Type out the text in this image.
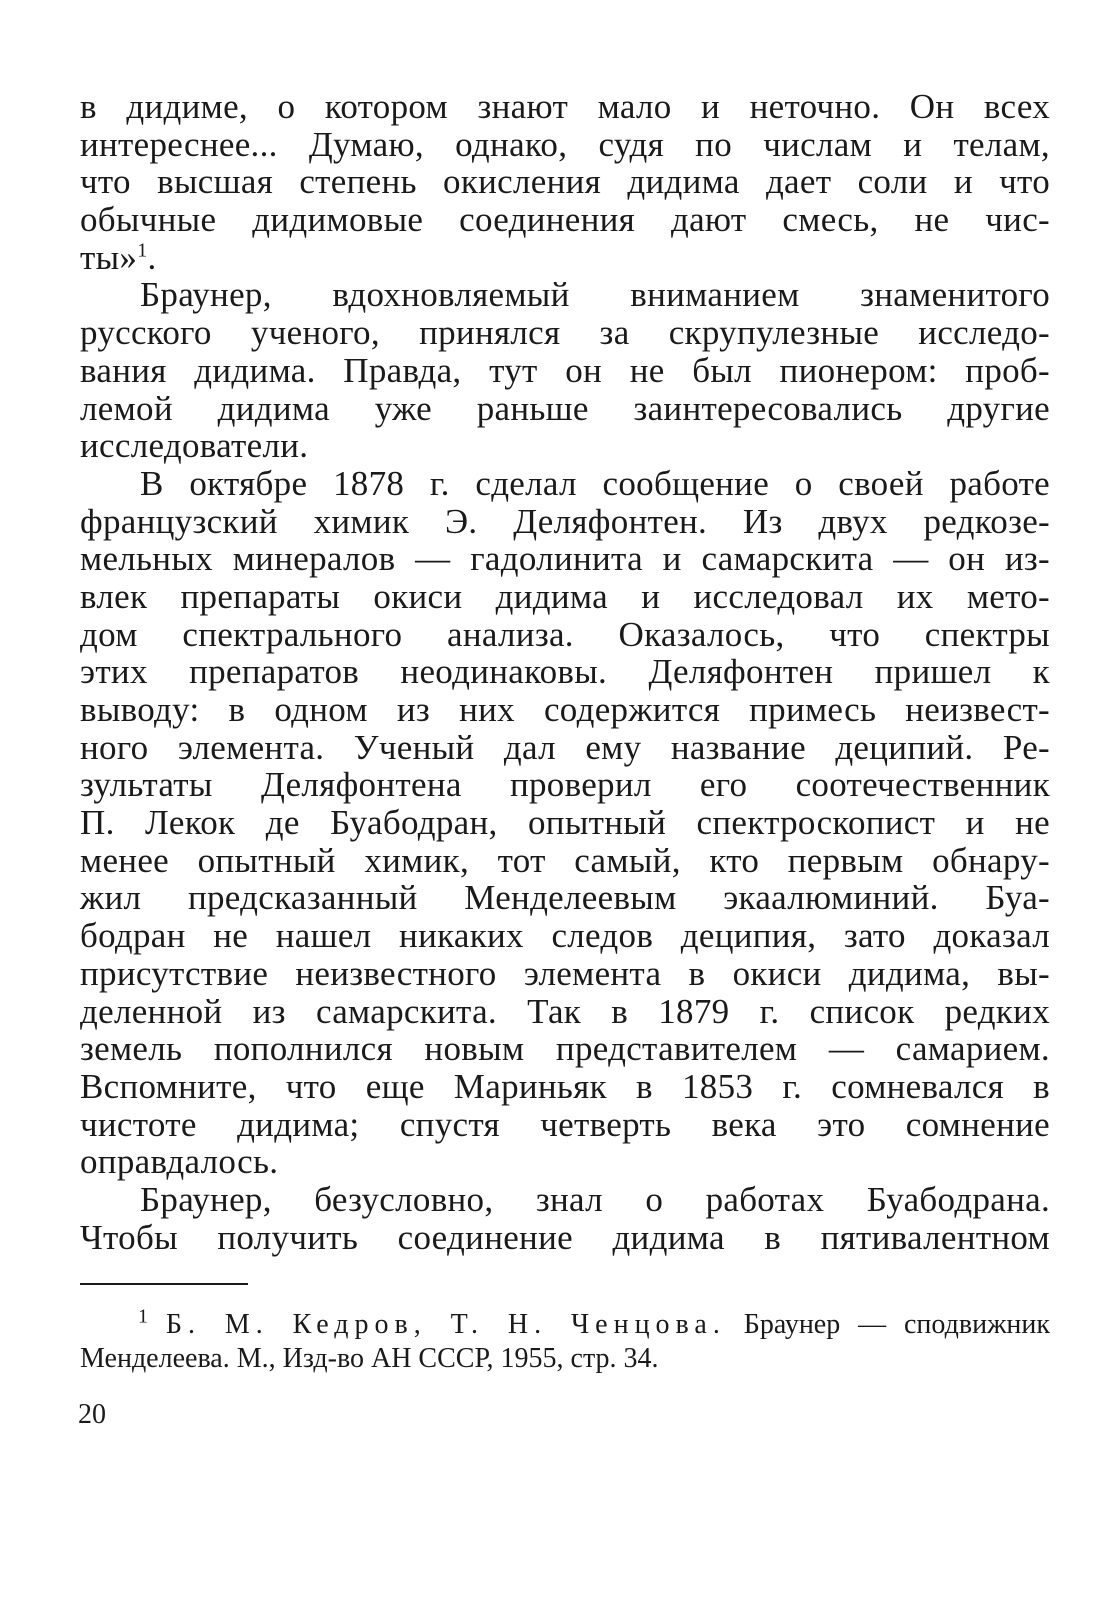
в дидиме, о котором знают мало и неточно. Он всех
интереснее... Думаю, однако, судя по числам и телам,
что высшая степень окисления дидима дает соли и что
обычные дидимовые соединения дают смесь, не чис-
ты»$^1$.
Браунер, вдохновляемый вниманием знаменитого
русского ученого, принялся за скрупулезные исследо-
вания дидима. Правда, тут он не был пионером: проб-
лемой дидима уже раньше заинтересовались другие
исследователи.
В октябре 1878 г. сделал сообщение о своей работе
французский химик Э. Деляфонтен. Из двух редкозе-
мельных минералов — гадолинита и самарскита — он из-
влек препараты окиси дидима и исследовал их мето-
дом спектрального анализа. Оказалось, что спектры
этих препаратов неодинаковы. Деляфонтен пришел к
выводу: в одном из них содержится примесь неизвест-
ного элемента. Ученый дал ему название деципий. Ре-
зультаты Деляфонтена проверил его соотечественник
П. Лекок де Буабодран, опытный спектроскопист и не
менее опытный химик, тот самый, кто первым обнару-
жил предсказанный Менделеевым экаалюминий. Буа-
бодран не нашел никаких следов деципия, зато доказал
присутствие неизвестного элемента в окиси дидима, вы-
деленной из самарскита. Так в 1879 г. список редких
земель пополнился новым представителем — самарием.
Вспомните, что еще Мариньяк в 1853 г. сомневался в
чистоте дидима; спустя четверть века это сомнение
оправдалось.
Браунер, безусловно, знал о работах Буабодрана.
Чтобы получить соединение дидима в пятивалентном
$^1$ Б. М. Кедров, Т. Н. Ченцова. Браунер — сподвижник
Менделеева. М., Изд-во АН СССР, 1955, стр. 34.
20
